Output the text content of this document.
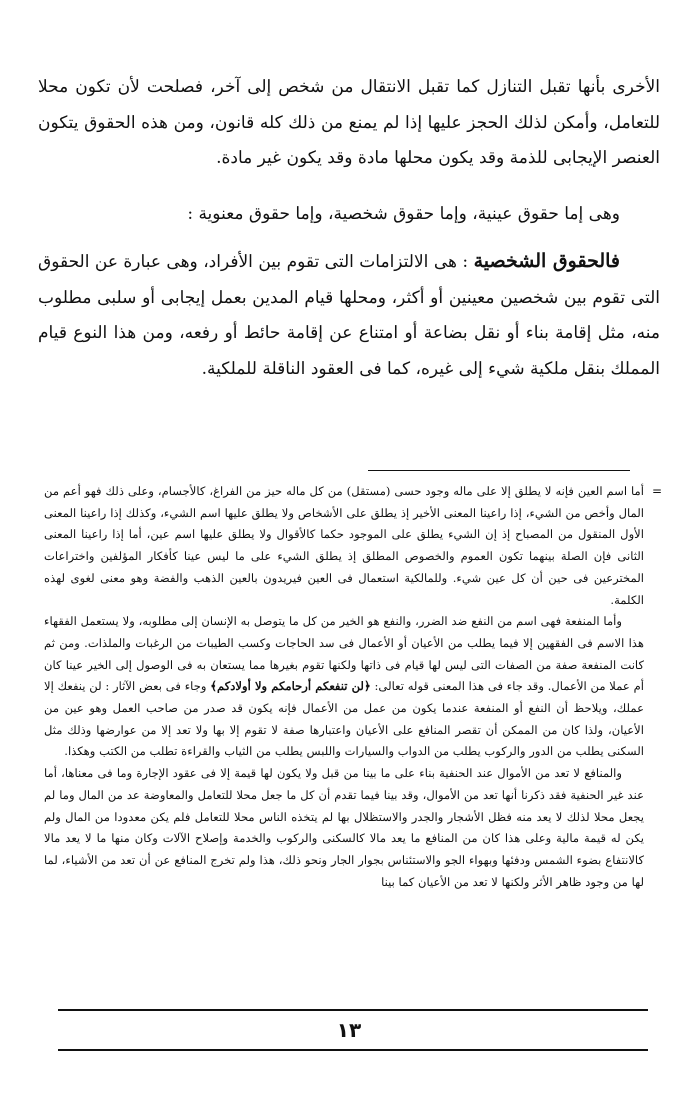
الأخرى بأنها تقبل التنازل كما تقبل الانتقال من شخص إلى آخر، فصلحت لأن تكون محلا للتعامل، وأمكن لذلك الحجز عليها إذا لم يمنع من ذلك كله قانون، ومن هذه الحقوق يتكون العنصر الإيجابى للذمة وقد يكون محلها مادة وقد يكون غير مادة.

وهى إما حقوق عينية، وإما حقوق شخصية، وإما حقوق معنوية :

فالحقوق الشخصية : هى الالتزامات التى تقوم بين الأفراد، وهى عبارة عن الحقوق التى تقوم بين شخصين معينين أو أكثر، ومحلها قيام المدين بعمل إيجابى أو سلبى مطلوب منه، مثل إقامة بناء أو نقل بضاعة أو امتناع عن إقامة حائط أو رفعه، ومن هذا النوع قيام المملك بنقل ملكية شيء إلى غيره، كما فى العقود الناقلة للملكية.

=

أما اسم العين فإنه لا يطلق إلا على ماله وجود حسى (مستقل) من كل ماله حيز من الفراغ، كالأجسام، وعلى ذلك فهو أعم من المال وأخص من الشيء، إذا راعينا المعنى الأخير إذ يطلق على الأشخاص ولا يطلق عليها اسم الشيء، وكذلك إذا راعينا المعنى الأول المنقول من المصباح إذ إن الشيء يطلق على الموجود حكما كالأقوال ولا يطلق عليها اسم عين، أما إذا راعينا المعنى الثانى فإن الصلة بينهما تكون العموم والخصوص المطلق إذ يطلق الشيء على ما ليس عينا كأفكار المؤلفين واختراعات المخترعين فى حين أن كل عين شيء. وللمالكية استعمال فى العين فيريدون بالعين الذهب والفضة وهو معنى لغوى لهذه الكلمة.

وأما المنفعة فهى اسم من النفع ضد الضرر، والنفع هو الخير من كل ما يتوصل به الإنسان إلى مطلوبه، ولا يستعمل الفقهاء هذا الاسم فى الفقهين إلا فيما يطلب من الأعيان أو الأعمال فى سد الحاجات وكسب الطيبات من الرغبات والملذات. ومن ثم كانت المنفعة صفة من الصفات التى ليس لها قيام فى ذاتها ولكنها تقوم بغيرها مما يستعان به فى الوصول إلى الخير عينا كان أم عملا من الأعمال. وقد جاء فى هذا المعنى قوله تعالى: ﴿لن تنفعكم أرحامكم ولا أولادكم﴾ وجاء فى بعض الآثار : لن ينفعك إلا عملك، ويلاحظ أن النفع أو المنفعة عندما يكون من عمل من الأعمال فإنه يكون قد صدر من صاحب العمل وهو عين من الأعيان، ولذا كان من الممكن أن تقصر المنافع على الأعيان واعتبارها صفة لا تقوم إلا بها ولا تعد إلا من عوارضها وذلك مثل السكنى يطلب من الدور والركوب يطلب من الدواب والسيارات واللبس يطلب من الثياب والقراءة تطلب من الكتب وهكذا.

والمنافع لا تعد من الأموال عند الحنفية بناء على ما بينا من قبل ولا يكون لها قيمة إلا فى عقود الإجارة وما فى معناها، أما عند غير الحنفية فقد ذكرنا أنها تعد من الأموال، وقد بينا فيما تقدم أن كل ما جعل محلا للتعامل والمعاوضة عد من المال وما لم يجعل محلا لذلك لا يعد منه فظل الأشجار والجدر والاستظلال بها لم يتخذه الناس محلا للتعامل فلم يكن معدودا من المال ولم يكن له قيمة مالية وعلى هذا كان من المنافع ما يعد مالا كالسكنى والركوب والخدمة وإصلاح الآلات وكان منها ما لا يعد مالا كالانتفاع بضوء الشمس ودفئها وبهواء الجو والاستئناس بجوار الجار ونحو ذلك، هذا ولم تخرج المنافع عن أن تعد من الأشياء، لما لها من وجود ظاهر الأثر ولكنها لا تعد من الأعيان كما بينا

١٣
